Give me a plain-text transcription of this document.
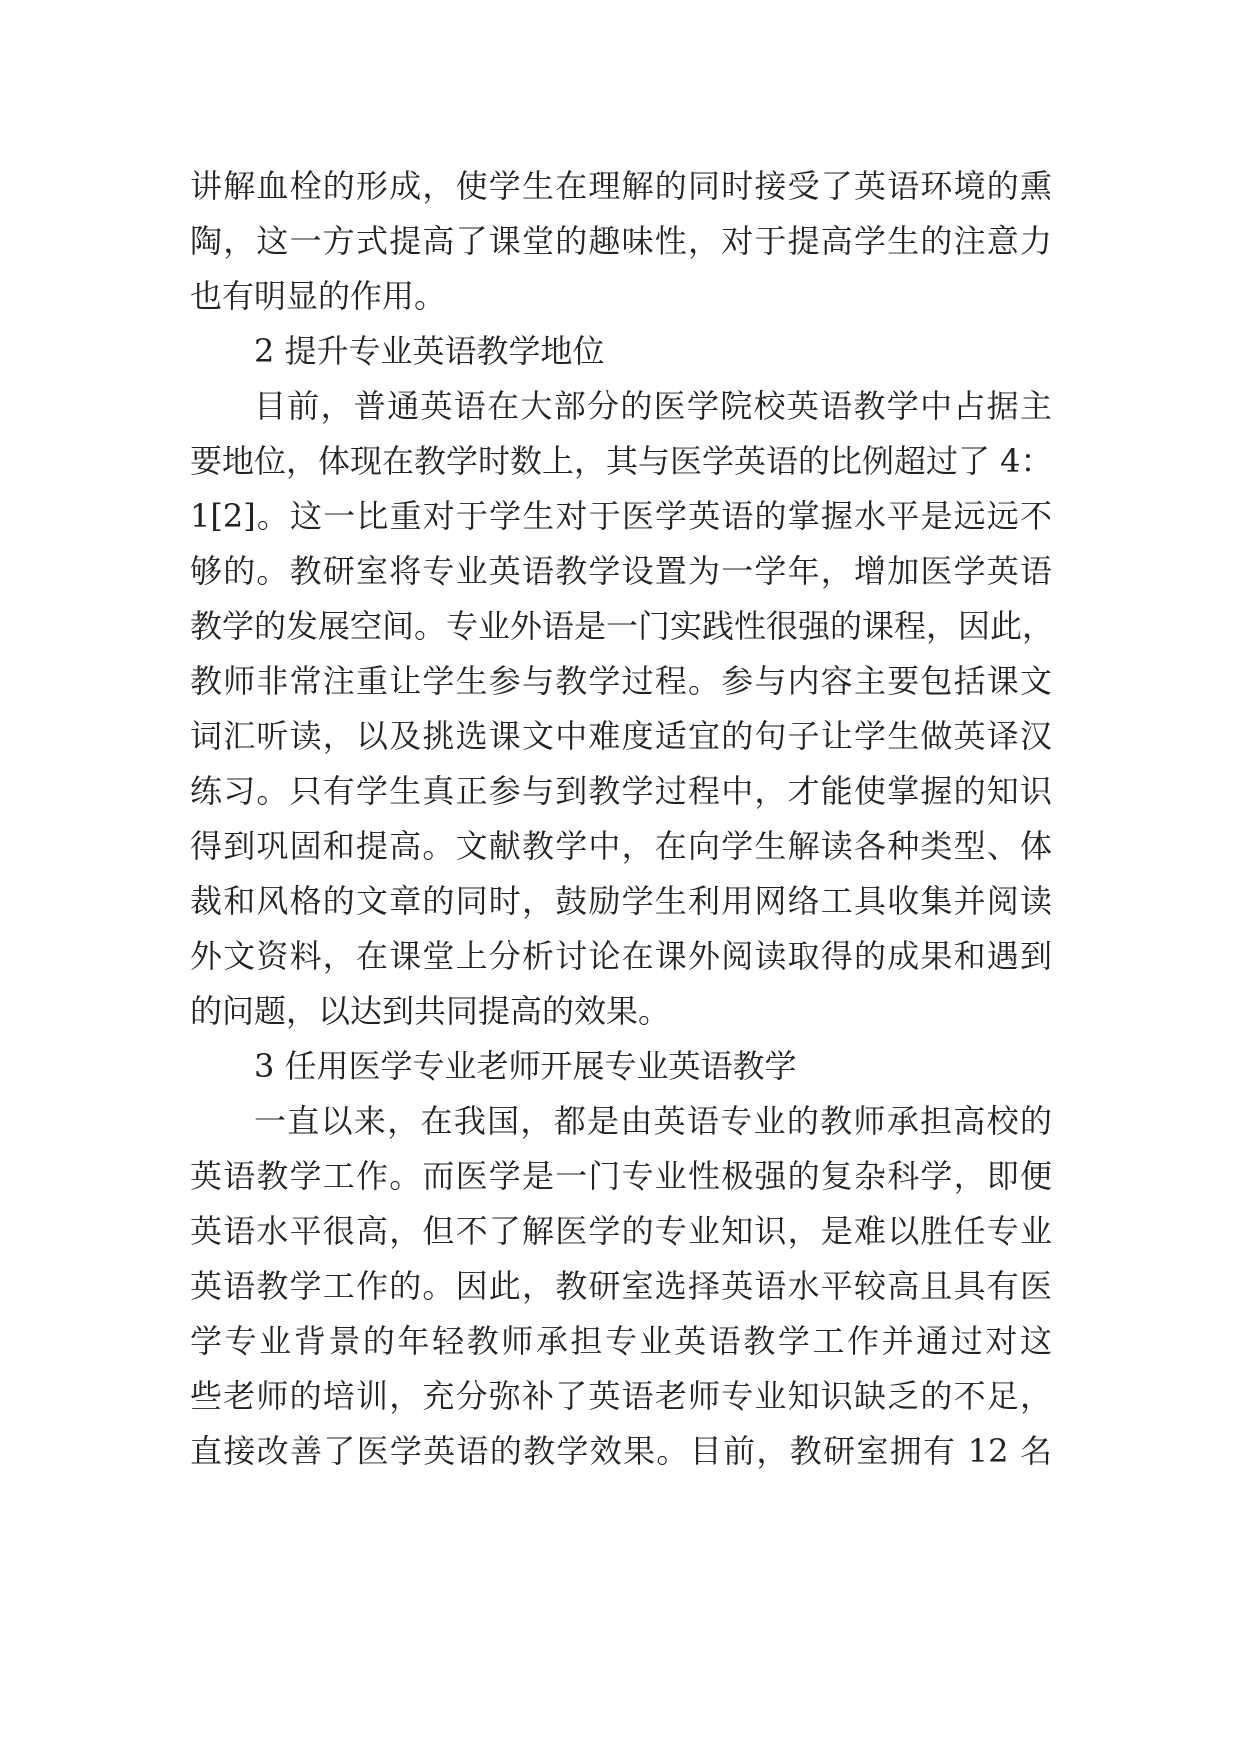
讲解血栓的形成，使学生在理解的同时接受了英语环境的熏
陶，这一方式提高了课堂的趣味性，对于提高学生的注意力
也有明显的作用。
2 提升专业英语教学地位
目前，普通英语在大部分的医学院校英语教学中占据主
要地位，体现在教学时数上，其与医学英语的比例超过了 4：
1[2]。这一比重对于学生对于医学英语的掌握水平是远远不
够的。教研室将专业英语教学设置为一学年，增加医学英语
教学的发展空间。专业外语是一门实践性很强的课程，因此，
教师非常注重让学生参与教学过程。参与内容主要包括课文
词汇听读，以及挑选课文中难度适宜的句子让学生做英译汉
练习。只有学生真正参与到教学过程中，才能使掌握的知识
得到巩固和提高。文献教学中，在向学生解读各种类型、体
裁和风格的文章的同时，鼓励学生利用网络工具收集并阅读
外文资料，在课堂上分析讨论在课外阅读取得的成果和遇到
的问题，以达到共同提高的效果。
3 任用医学专业老师开展专业英语教学
一直以来，在我国，都是由英语专业的教师承担高校的
英语教学工作。而医学是一门专业性极强的复杂科学，即便
英语水平很高，但不了解医学的专业知识，是难以胜任专业
英语教学工作的。因此，教研室选择英语水平较高且具有医
学专业背景的年轻教师承担专业英语教学工作并通过对这
些老师的培训，充分弥补了英语老师专业知识缺乏的不足，
直接改善了医学英语的教学效果。目前，教研室拥有 12 名
